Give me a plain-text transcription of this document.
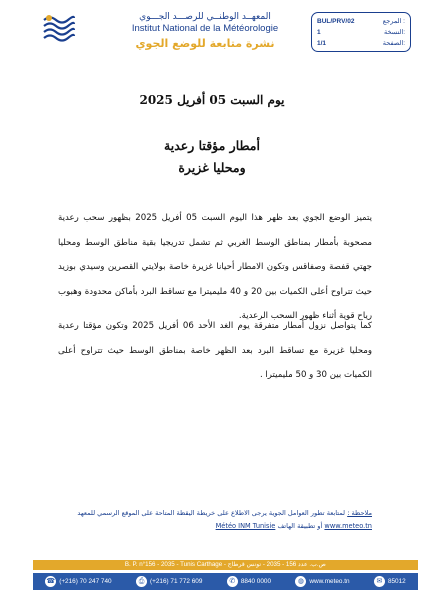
المعهــد الوطنــي للرصـــد الجـــوي
Institut National de la Météorologie
نشرة متابعة للوضع الجوي
BUL/PRV/02	المرجع :
1	النسخة:
1/1	الصفحة:
يوم السبت 05 أفريل 2025
أمطار مؤقتا رعدية
ومحليا غزيرة

يتميز الوضع الجوي بعد ظهر هذا اليوم السبت 05 أفريل 2025 بظهور سحب رعدية مصحوبة بأمطار بمناطق الوسط الغربي ثم تشمل تدريجيا بقية مناطق الوسط ومحليا جهتي قفصة وصفاقس وتكون الامطار أحيانا غزيرة خاصة بولايتي القصرين وسيدي بوزيد حيث تتراوح أعلى الكميات بين 20 و 40 مليميترا مع تساقط البرد بأماكن محدودة وهبوب رياح قوية أثناء ظهور السحب الرعدية.

كما يتواصل نزول أمطار متفرقة يوم الغد الأحد 06 أفريل 2025 وتكون مؤقتا رعدية ومحليا غزيرة مع تساقط البرد بعد الظهر خاصة بمناطق الوسط حيث تتراوح أعلى الكميات بين 30 و 50 مليميترا .

ملاحظة : لمتابعة تطور العوامل الجوية يرجى الاطلاع على خريطة اليقظة المتاحة على الموقع الرسمي للمعهد
www.meteo.tn أو تطبيقة الهاتف Météo INM Tunisie
B. P. n°156 - 2035 - Tunis Carthage - ص.ب. عدد 156 - 2035 - تونس قرطاج
☎ (+216) 70 247 740	⎙ (+216) 71 772 609	✆ 8840 0000	◍ www.meteo.tn	✉ 85012
